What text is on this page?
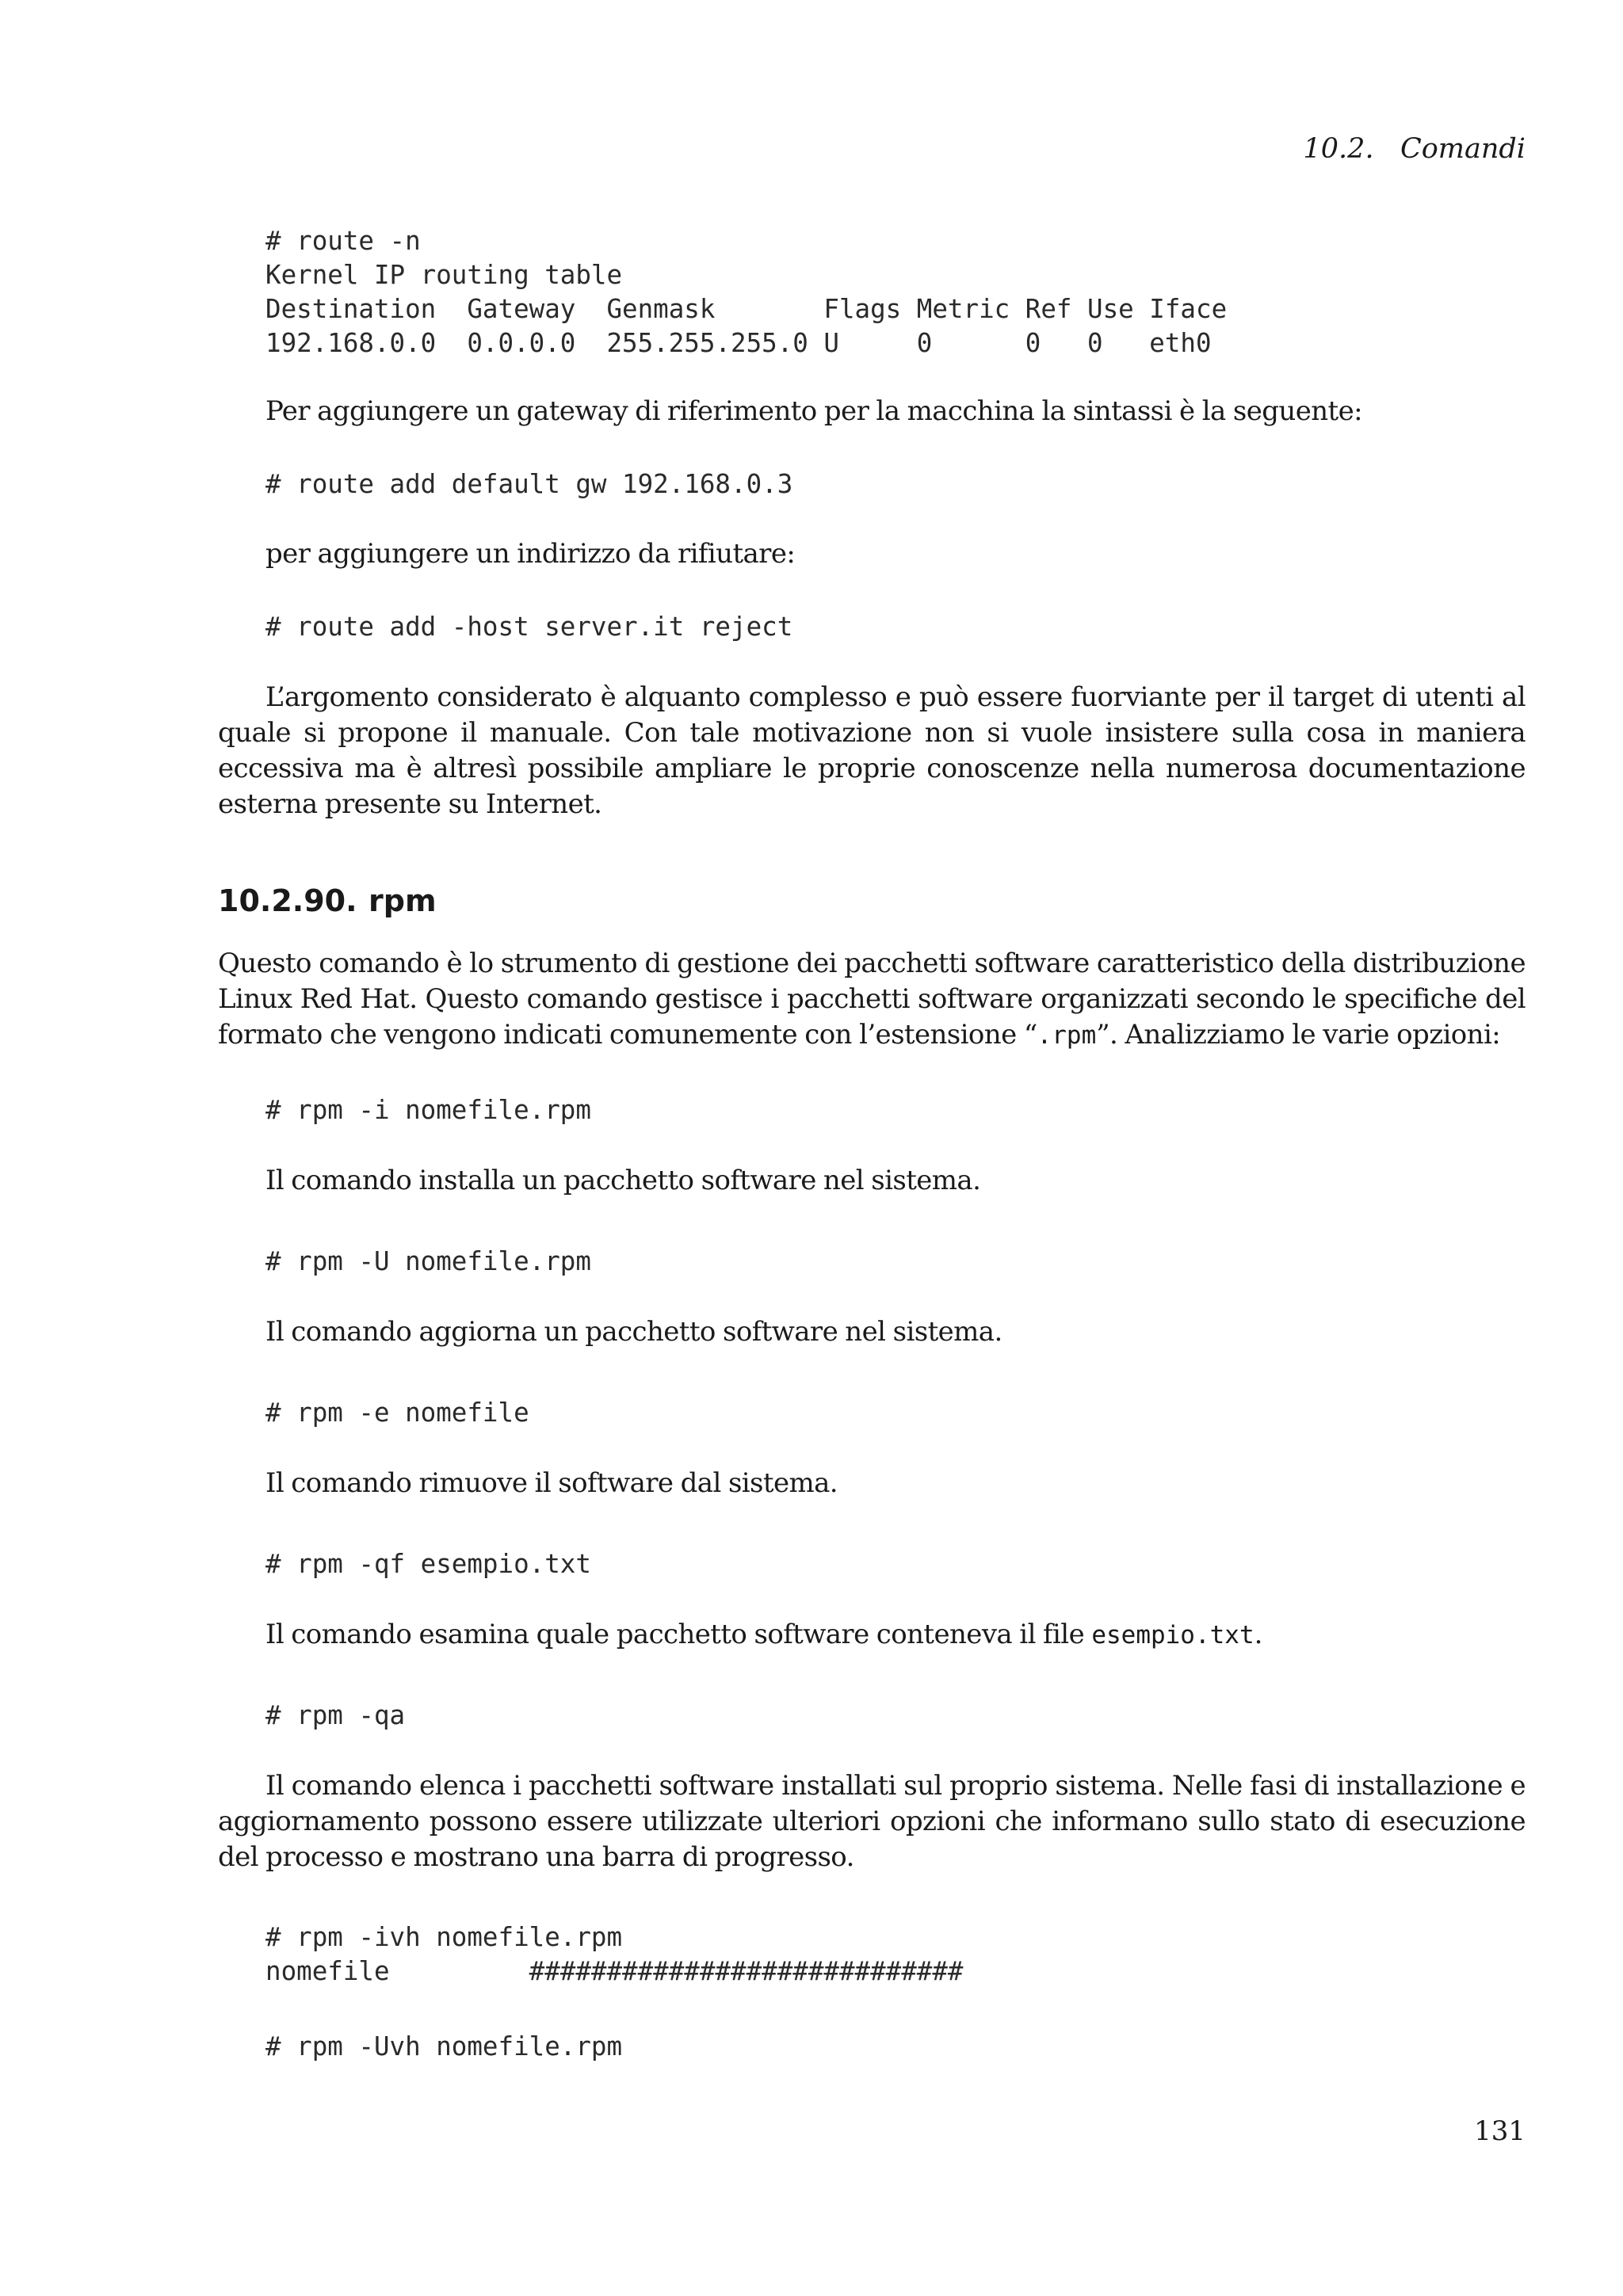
10.2.   Comandi
# route -n
Kernel IP routing table
Destination  Gateway  Genmask       Flags Metric Ref Use Iface
192.168.0.0  0.0.0.0  255.255.255.0 U     0      0   0   eth0

Per aggiungere un gateway di riferimento per la macchina la sintassi è la seguente:

# route add default gw 192.168.0.3

per aggiungere un indirizzo da rifiutare:

# route add -host server.it reject

L’argomento considerato è alquanto complesso e può essere fuorviante per il target di utenti al quale si propone il manuale. Con tale motivazione non si vuole insistere sulla cosa in maniera eccessiva ma è altresì possibile ampliare le proprie conoscenze nella numerosa documentazione esterna presente su Internet.

10.2.90. rpm

Questo comando è lo strumento di gestione dei pacchetti software caratteristico della distribuzione Linux Red Hat. Questo comando gestisce i pacchetti software organizzati secondo le specifiche del formato che vengono indicati comunemente con l’estensione “.rpm”. Analizziamo le varie opzioni:

# rpm -i nomefile.rpm

Il comando installa un pacchetto software nel sistema.

# rpm -U nomefile.rpm

Il comando aggiorna un pacchetto software nel sistema.

# rpm -e nomefile

Il comando rimuove il software dal sistema.

# rpm -qf esempio.txt

Il comando esamina quale pacchetto software conteneva il file esempio.txt.

# rpm -qa

Il comando elenca i pacchetti software installati sul proprio sistema. Nelle fasi di installazione e aggiornamento possono essere utilizzate ulteriori opzioni che informano sullo stato di esecuzione del processo e mostrano una barra di progresso.

# rpm -ivh nomefile.rpm
nomefile         ############################
# rpm -Uvh nomefile.rpm
131
